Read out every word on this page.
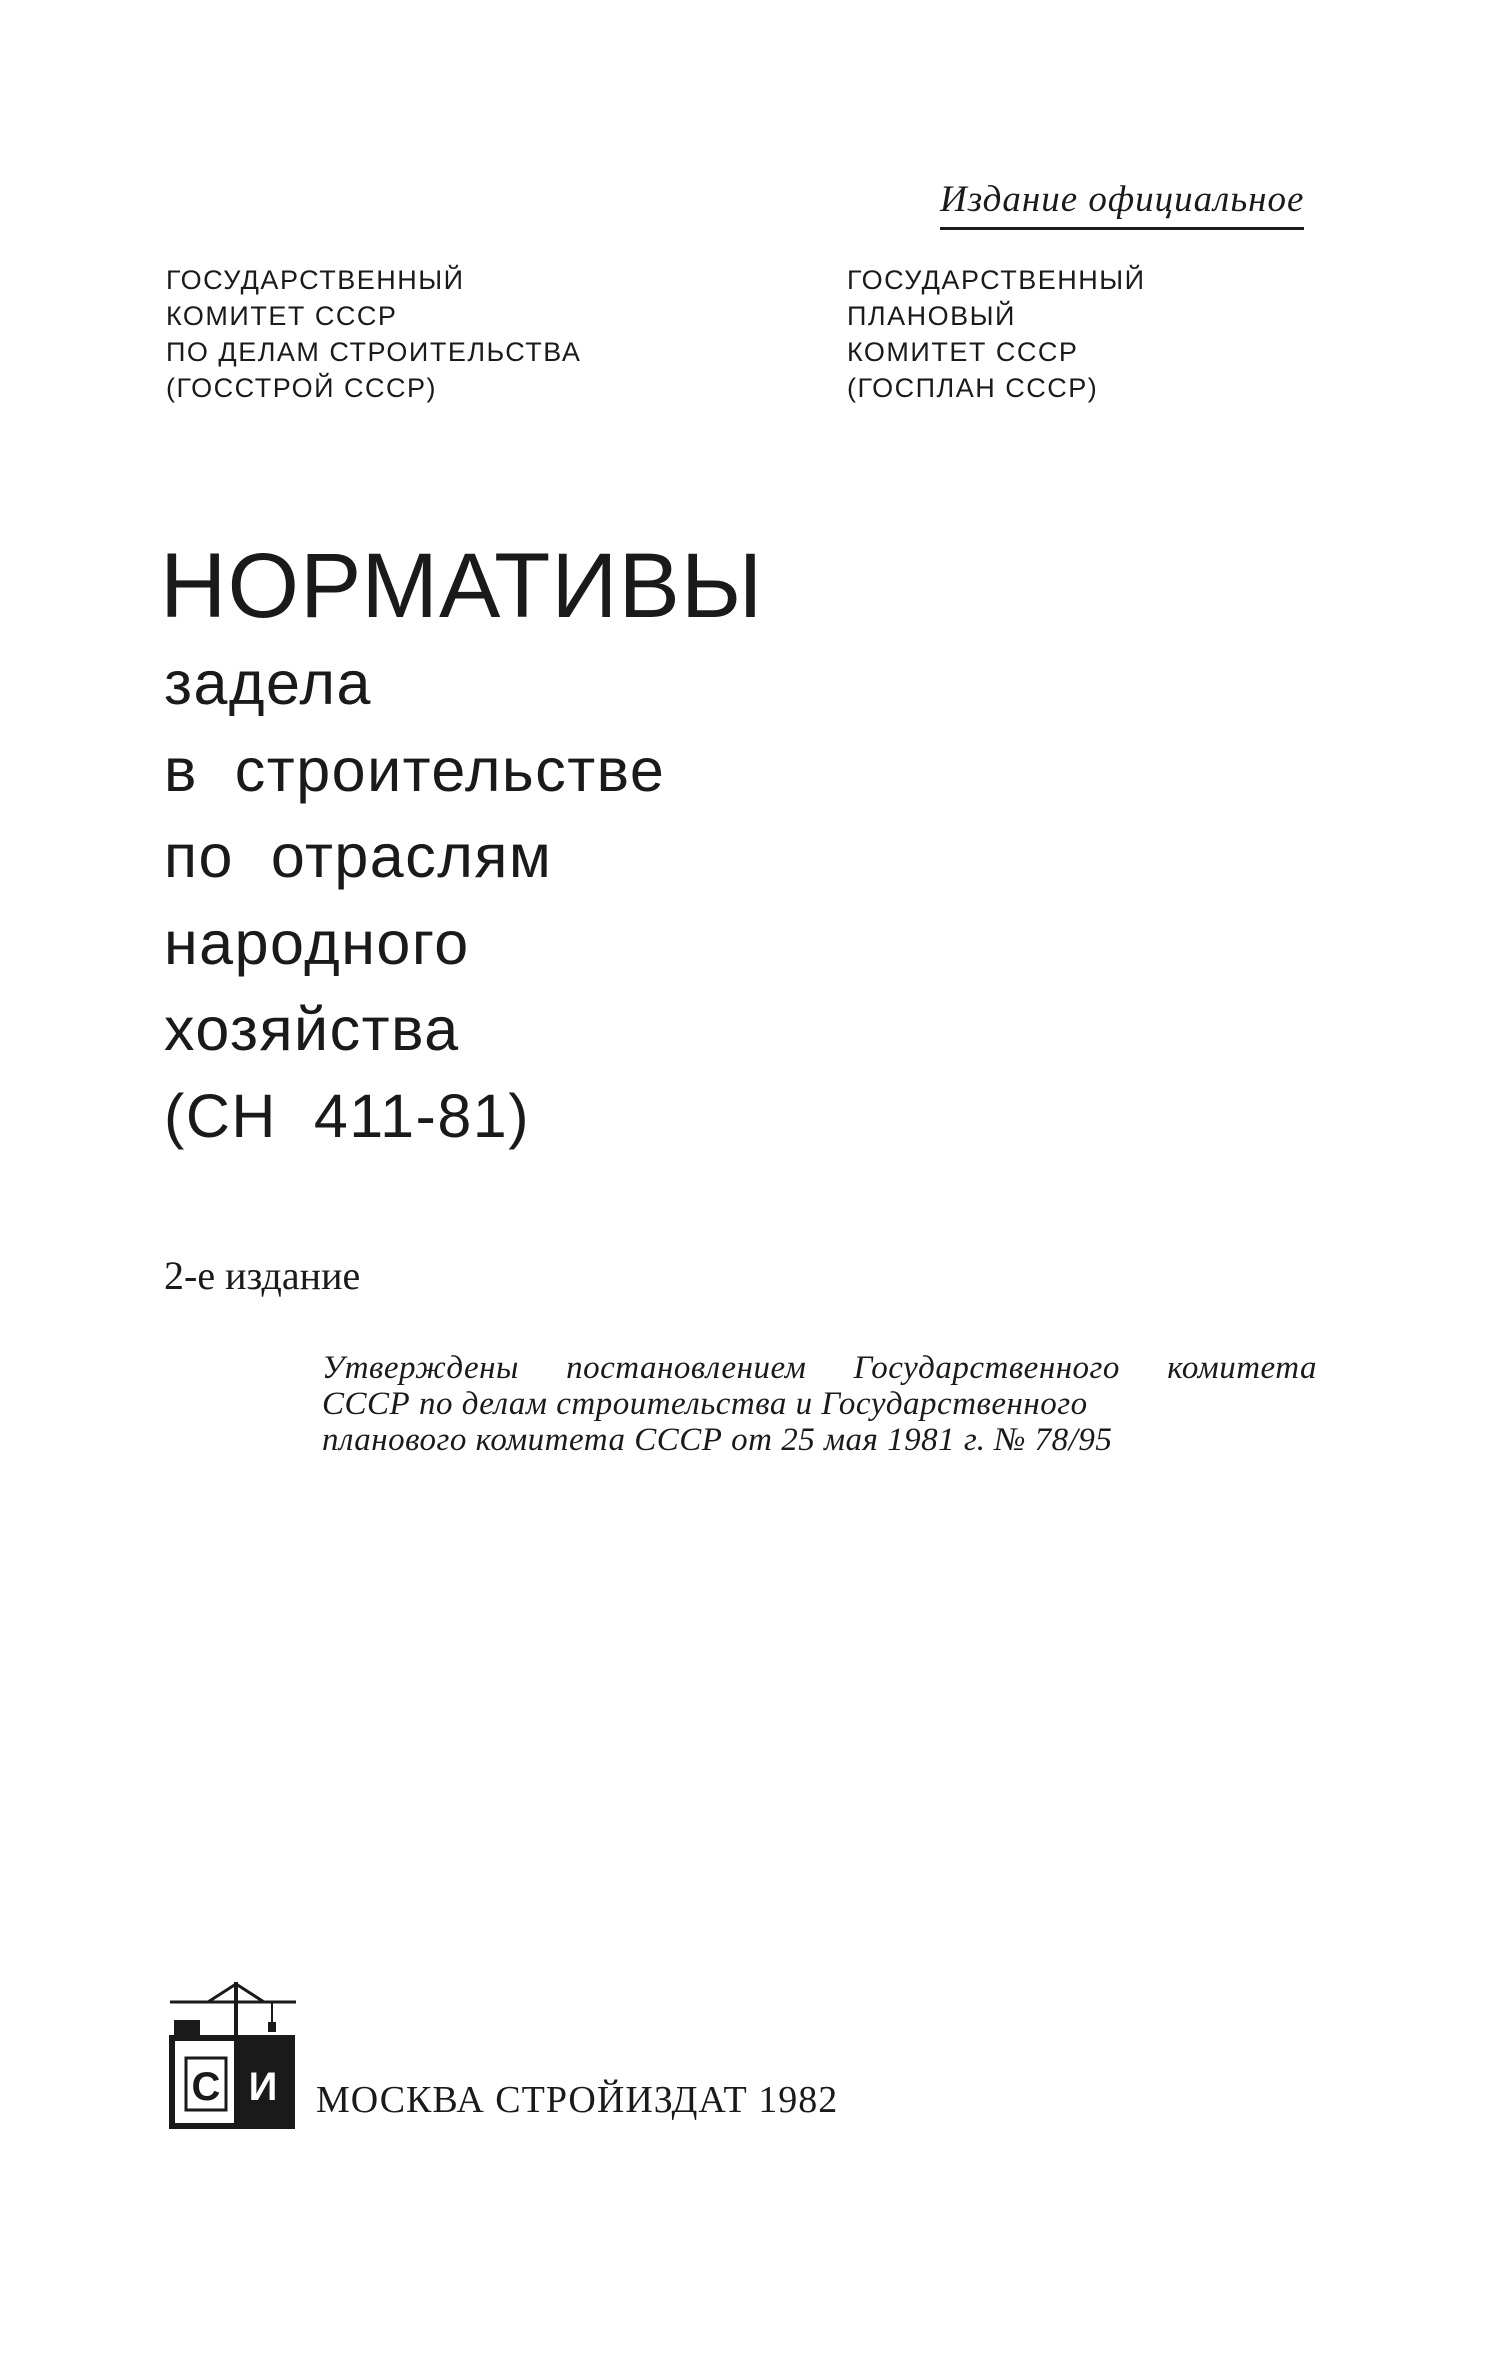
Издание официальное
ГОСУДАРСТВЕННЫЙ
КОМИТЕТ СССР
ПО ДЕЛАМ СТРОИТЕЛЬСТВА
(ГОССТРОЙ СССР)
ГОСУДАРСТВЕННЫЙ
ПЛАНОВЫЙ
КОМИТЕТ СССР
(ГОСПЛАН СССР)
НОРМАТИВЫ
задела
в  строительстве
по  отраслям
народного
хозяйства
(СН  411-81)
2-е издание
Утверждены постановлением Государственного комитета
СССР по делам строительства и Государственного
планового комитета СССР от 25 мая 1981 г. № 78/95
С И МОСКВА СТРОЙИЗДАТ 1982
